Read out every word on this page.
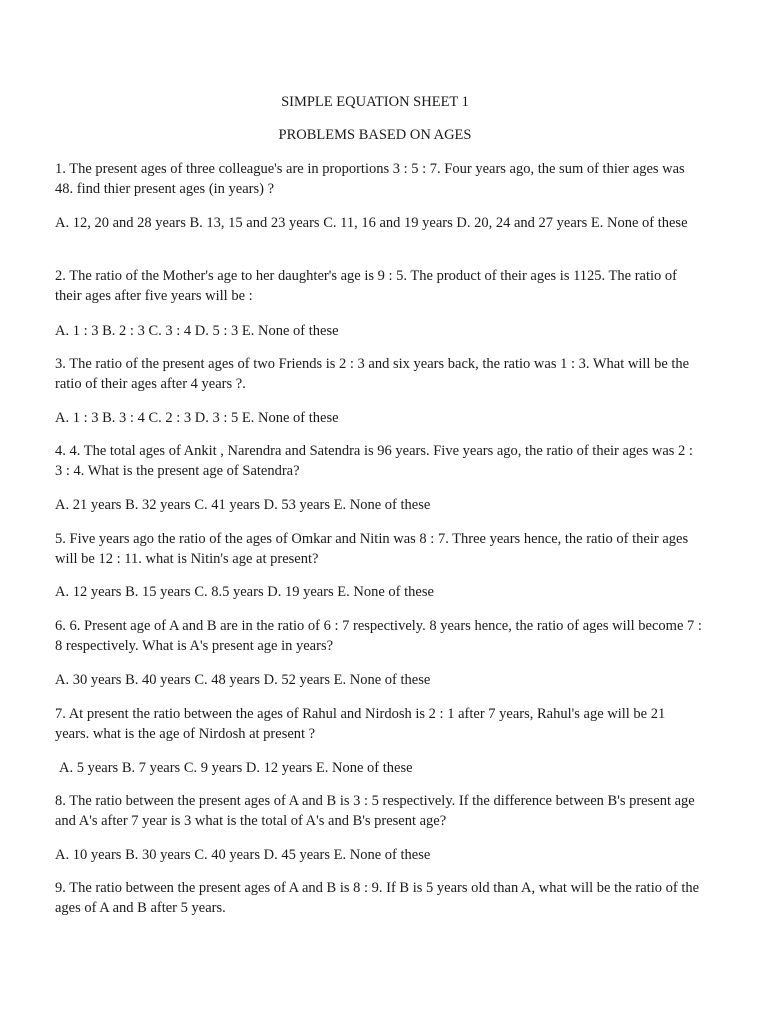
SIMPLE EQUATION SHEET 1
PROBLEMS BASED ON AGES
1. The present ages of three colleague's are in proportions 3 : 5 : 7. Four years ago, the sum of thier ages was 48. find thier present ages (in years) ?
A. 12, 20 and 28 years B. 13, 15 and 23 years C. 11, 16 and 19 years D. 20, 24 and 27 years E. None of these
2. The ratio of the Mother's age to her daughter's age is 9 : 5. The product of their ages is 1125. The ratio of their ages after five years will be :
A. 1 : 3 B. 2 : 3 C. 3 : 4 D. 5 : 3 E. None of these
3. The ratio of the present ages of two Friends is 2 : 3 and six years back, the ratio was 1 : 3. What will be the ratio of their ages after 4 years ?.
A. 1 : 3 B. 3 : 4 C. 2 : 3 D. 3 : 5 E. None of these
4. 4. The total ages of Ankit , Narendra and Satendra is 96 years. Five years ago, the ratio of their ages was 2 : 3 : 4. What is the present age of Satendra?
A. 21 years B. 32 years C. 41 years D. 53 years E. None of these
5. Five years ago the ratio of the ages of Omkar and Nitin was 8 : 7. Three years hence, the ratio of their ages will be 12 : 11. what is Nitin's age at present?
A. 12 years B. 15 years C. 8.5 years D. 19 years E. None of these
6. 6. Present age of A and B are in the ratio of 6 : 7 respectively. 8 years hence, the ratio of ages will become 7 : 8 respectively. What is A's present age in years?
A. 30 years B. 40 years C. 48 years D. 52 years E. None of these
7. At present the ratio between the ages of Rahul and Nirdosh is 2 : 1 after 7 years, Rahul's age will be 21 years. what is the age of Nirdosh at present ?
A. 5 years B. 7 years C. 9 years D. 12 years E. None of these
8. The ratio between the present ages of A and B is 3 : 5 respectively. If the difference between B's present age and A's after 7 year is 3 what is the total of A's and B's present age?
A. 10 years B. 30 years C. 40 years D. 45 years E. None of these
9. The ratio between the present ages of A and B is 8 : 9. If B is 5 years old than A, what will be the ratio of the ages of A and B after 5 years.
